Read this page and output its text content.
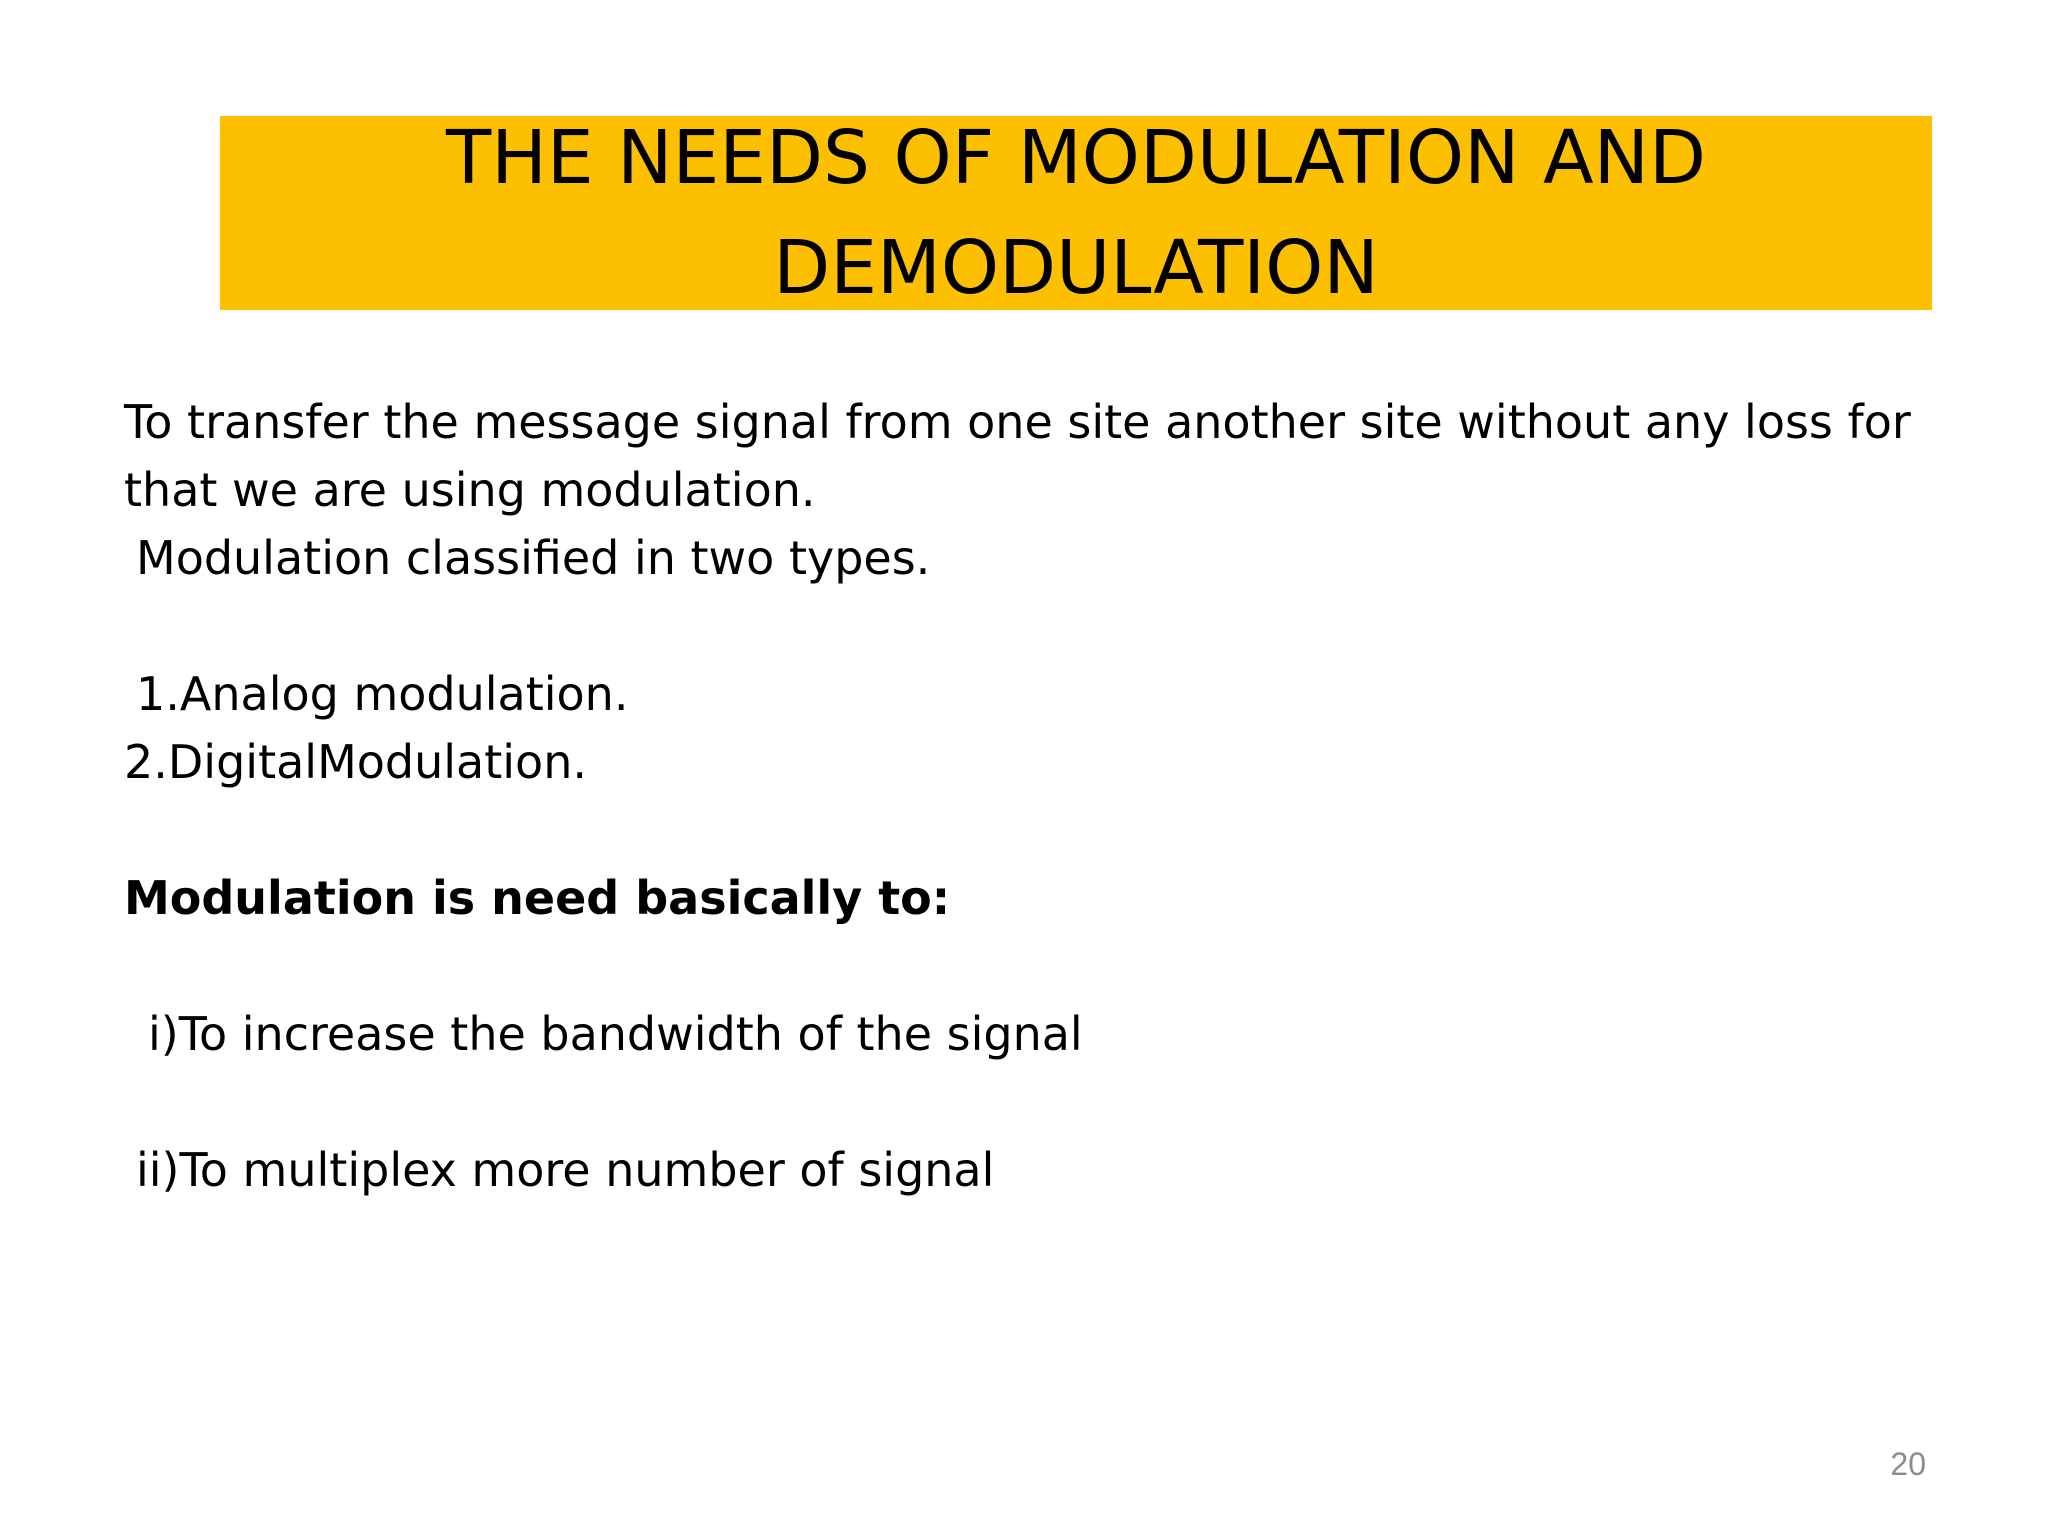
THE NEEDS OF MODULATION AND
DEMODULATION
To transfer the message signal from one site another site without any loss for
that we are using modulation.
Modulation classified in two types.
1.Analog modulation.
2.DigitalModulation.
Modulation is need basically to:
i)To increase the bandwidth of the signal
ii)To multiplex more number of signal
20
